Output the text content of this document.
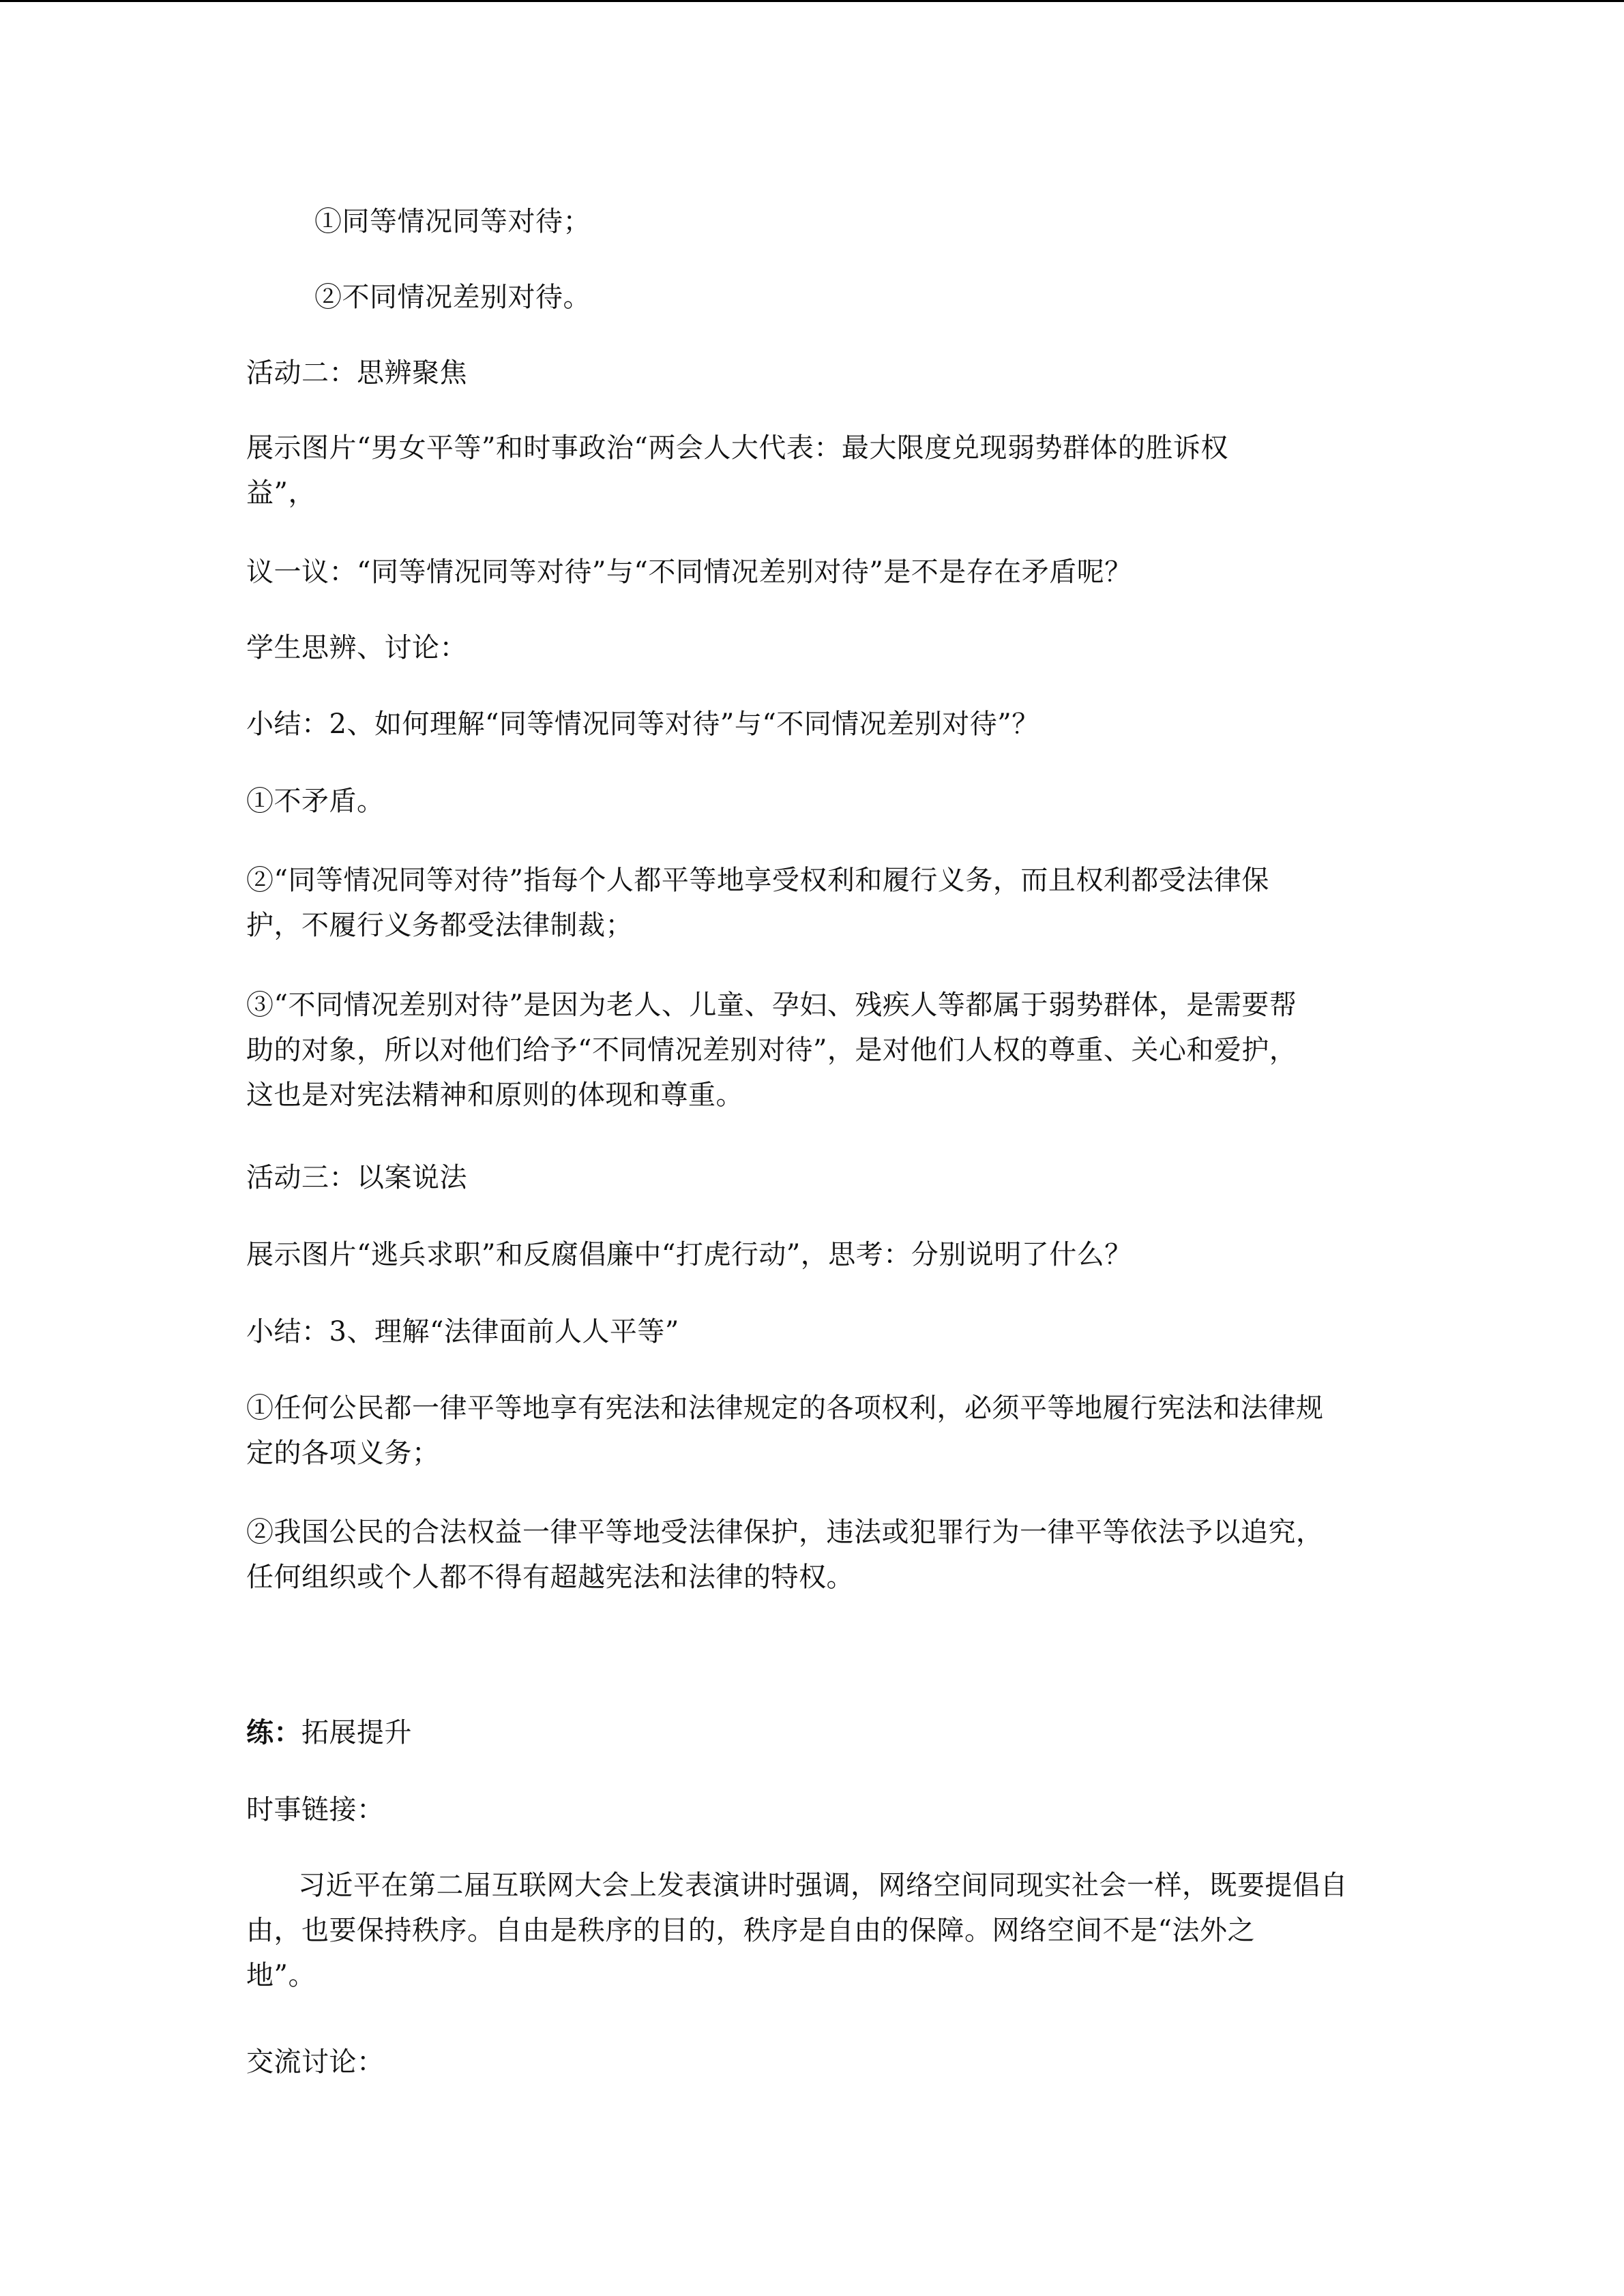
①同等情况同等对待；
②不同情况差别对待。
活动二：思辨聚焦
展示图片“男女平等”和时事政治“两会人大代表：最大限度兑现弱势群体的胜诉权
益”，
议一议：“同等情况同等对待”与“不同情况差别对待”是不是存在矛盾呢？
学生思辨、讨论：
小结：2、如何理解“同等情况同等对待”与“不同情况差别对待”？
①不矛盾。
②“同等情况同等对待”指每个人都平等地享受权利和履行义务，而且权利都受法律保
护，不履行义务都受法律制裁；
③“不同情况差别对待”是因为老人、儿童、孕妇、残疾人等都属于弱势群体，是需要帮
助的对象，所以对他们给予“不同情况差别对待”，是对他们人权的尊重、关心和爱护，
这也是对宪法精神和原则的体现和尊重。
活动三：以案说法
展示图片“逃兵求职”和反腐倡廉中“打虎行动”，思考：分别说明了什么？
小结：3、理解“法律面前人人平等”
①任何公民都一律平等地享有宪法和法律规定的各项权利，必须平等地履行宪法和法律规
定的各项义务；
②我国公民的合法权益一律平等地受法律保护，违法或犯罪行为一律平等依法予以追究，
任何组织或个人都不得有超越宪法和法律的特权。
练：拓展提升
时事链接：
习近平在第二届互联网大会上发表演讲时强调，网络空间同现实社会一样，既要提倡自
由，也要保持秩序。自由是秩序的目的，秩序是自由的保障。网络空间不是“法外之
地”。
交流讨论：
